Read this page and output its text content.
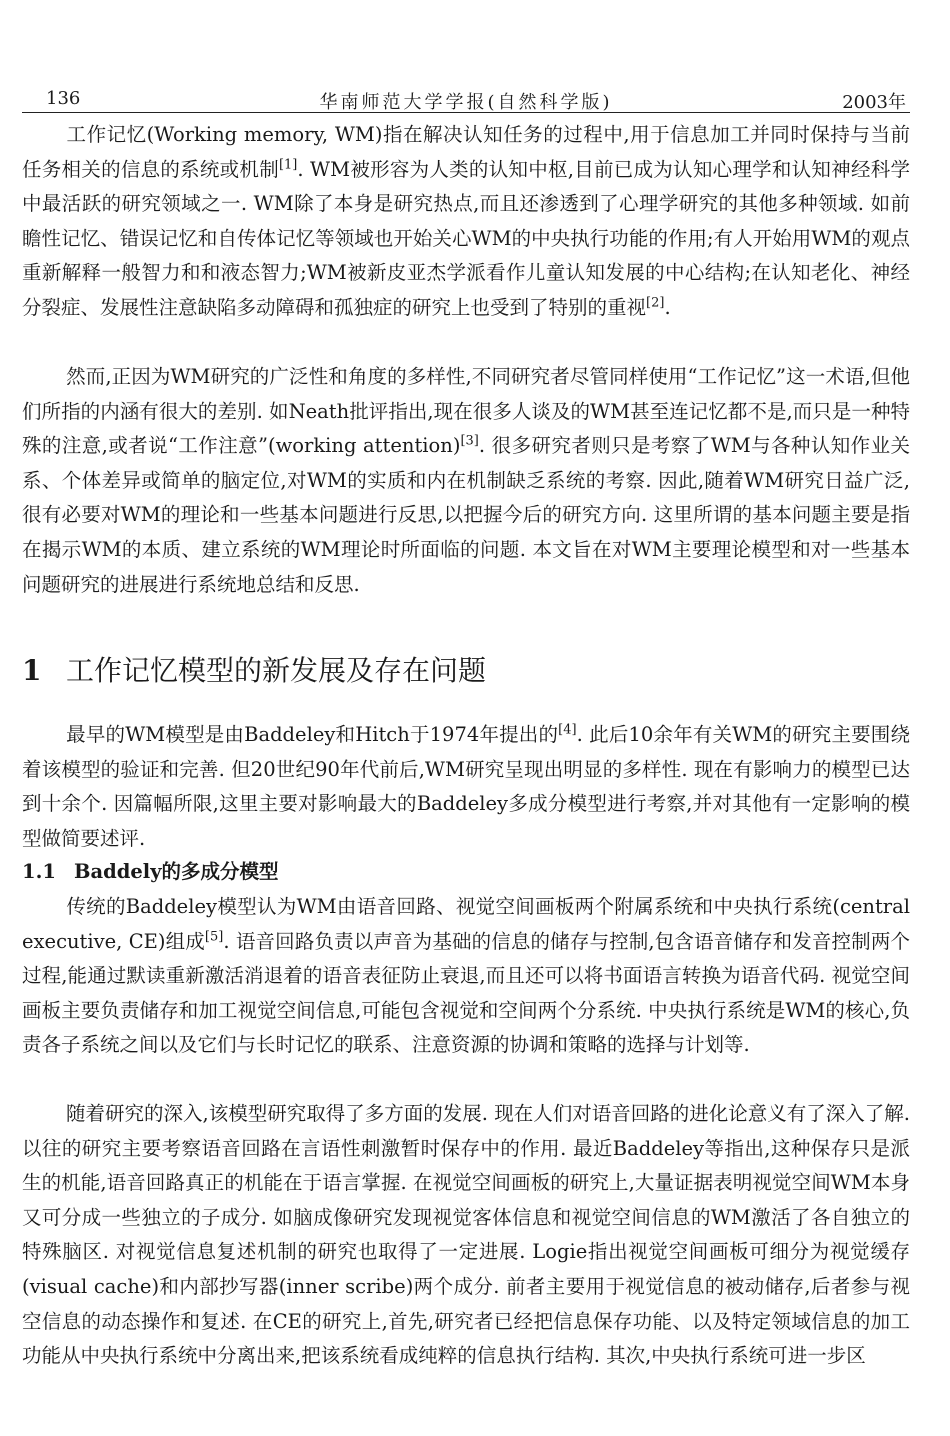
136	华南师范大学学报(自然科学版)	2003年

工作记忆(Working memory, WM)指在解决认知任务的过程中,用于信息加工并同时保持与当前任务相关的信息的系统或机制[1]. WM被形容为人类的认知中枢,目前已成为认知心理学和认知神经科学中最活跃的研究领域之一. WM除了本身是研究热点,而且还渗透到了心理学研究的其他多种领域. 如前瞻性记忆、错误记忆和自传体记忆等领域也开始关心WM的中央执行功能的作用;有人开始用WM的观点重新解释一般智力和和液态智力;WM被新皮亚杰学派看作儿童认知发展的中心结构;在认知老化、神经分裂症、发展性注意缺陷多动障碍和孤独症的研究上也受到了特别的重视[2].

然而,正因为WM研究的广泛性和角度的多样性,不同研究者尽管同样使用“工作记忆”这一术语,但他们所指的内涵有很大的差别. 如Neath批评指出,现在很多人谈及的WM甚至连记忆都不是,而只是一种特殊的注意,或者说“工作注意”(working attention)[3]. 很多研究者则只是考察了WM与各种认知作业关系、个体差异或简单的脑定位,对WM的实质和内在机制缺乏系统的考察. 因此,随着WM研究日益广泛,很有必要对WM的理论和一些基本问题进行反思,以把握今后的研究方向. 这里所谓的基本问题主要是指在揭示WM的本质、建立系统的WM理论时所面临的问题. 本文旨在对WM主要理论模型和对一些基本问题研究的进展进行系统地总结和反思.

1 工作记忆模型的新发展及存在问题

最早的WM模型是由Baddeley和Hitch于1974年提出的[4]. 此后10余年有关WM的研究主要围绕着该模型的验证和完善. 但20世纪90年代前后,WM研究呈现出明显的多样性. 现在有影响力的模型已达到十余个. 因篇幅所限,这里主要对影响最大的Baddeley多成分模型进行考察,并对其他有一定影响的模型做简要述评.

1.1 Baddely的多成分模型

传统的Baddeley模型认为WM由语音回路、视觉空间画板两个附属系统和中央执行系统(central executive, CE)组成[5]. 语音回路负责以声音为基础的信息的储存与控制,包含语音储存和发音控制两个过程,能通过默读重新激活消退着的语音表征防止衰退,而且还可以将书面语言转换为语音代码. 视觉空间画板主要负责储存和加工视觉空间信息,可能包含视觉和空间两个分系统. 中央执行系统是WM的核心,负责各子系统之间以及它们与长时记忆的联系、注意资源的协调和策略的选择与计划等.

随着研究的深入,该模型研究取得了多方面的发展. 现在人们对语音回路的进化论意义有了深入了解. 以往的研究主要考察语音回路在言语性刺激暂时保存中的作用. 最近Baddeley等指出,这种保存只是派生的机能,语音回路真正的机能在于语言掌握. 在视觉空间画板的研究上,大量证据表明视觉空间WM本身又可分成一些独立的子成分. 如脑成像研究发现视觉客体信息和视觉空间信息的WM激活了各自独立的特殊脑区. 对视觉信息复述机制的研究也取得了一定进展. Logie指出视觉空间画板可细分为视觉缓存(visual cache)和内部抄写器(inner scribe)两个成分. 前者主要用于视觉信息的被动储存,后者参与视空信息的动态操作和复述. 在CE的研究上,首先,研究者已经把信息保存功能、以及特定领域信息的加工功能从中央执行系统中分离出来,把该系统看成纯粹的信息执行结构. 其次,中央执行系统可进一步区
